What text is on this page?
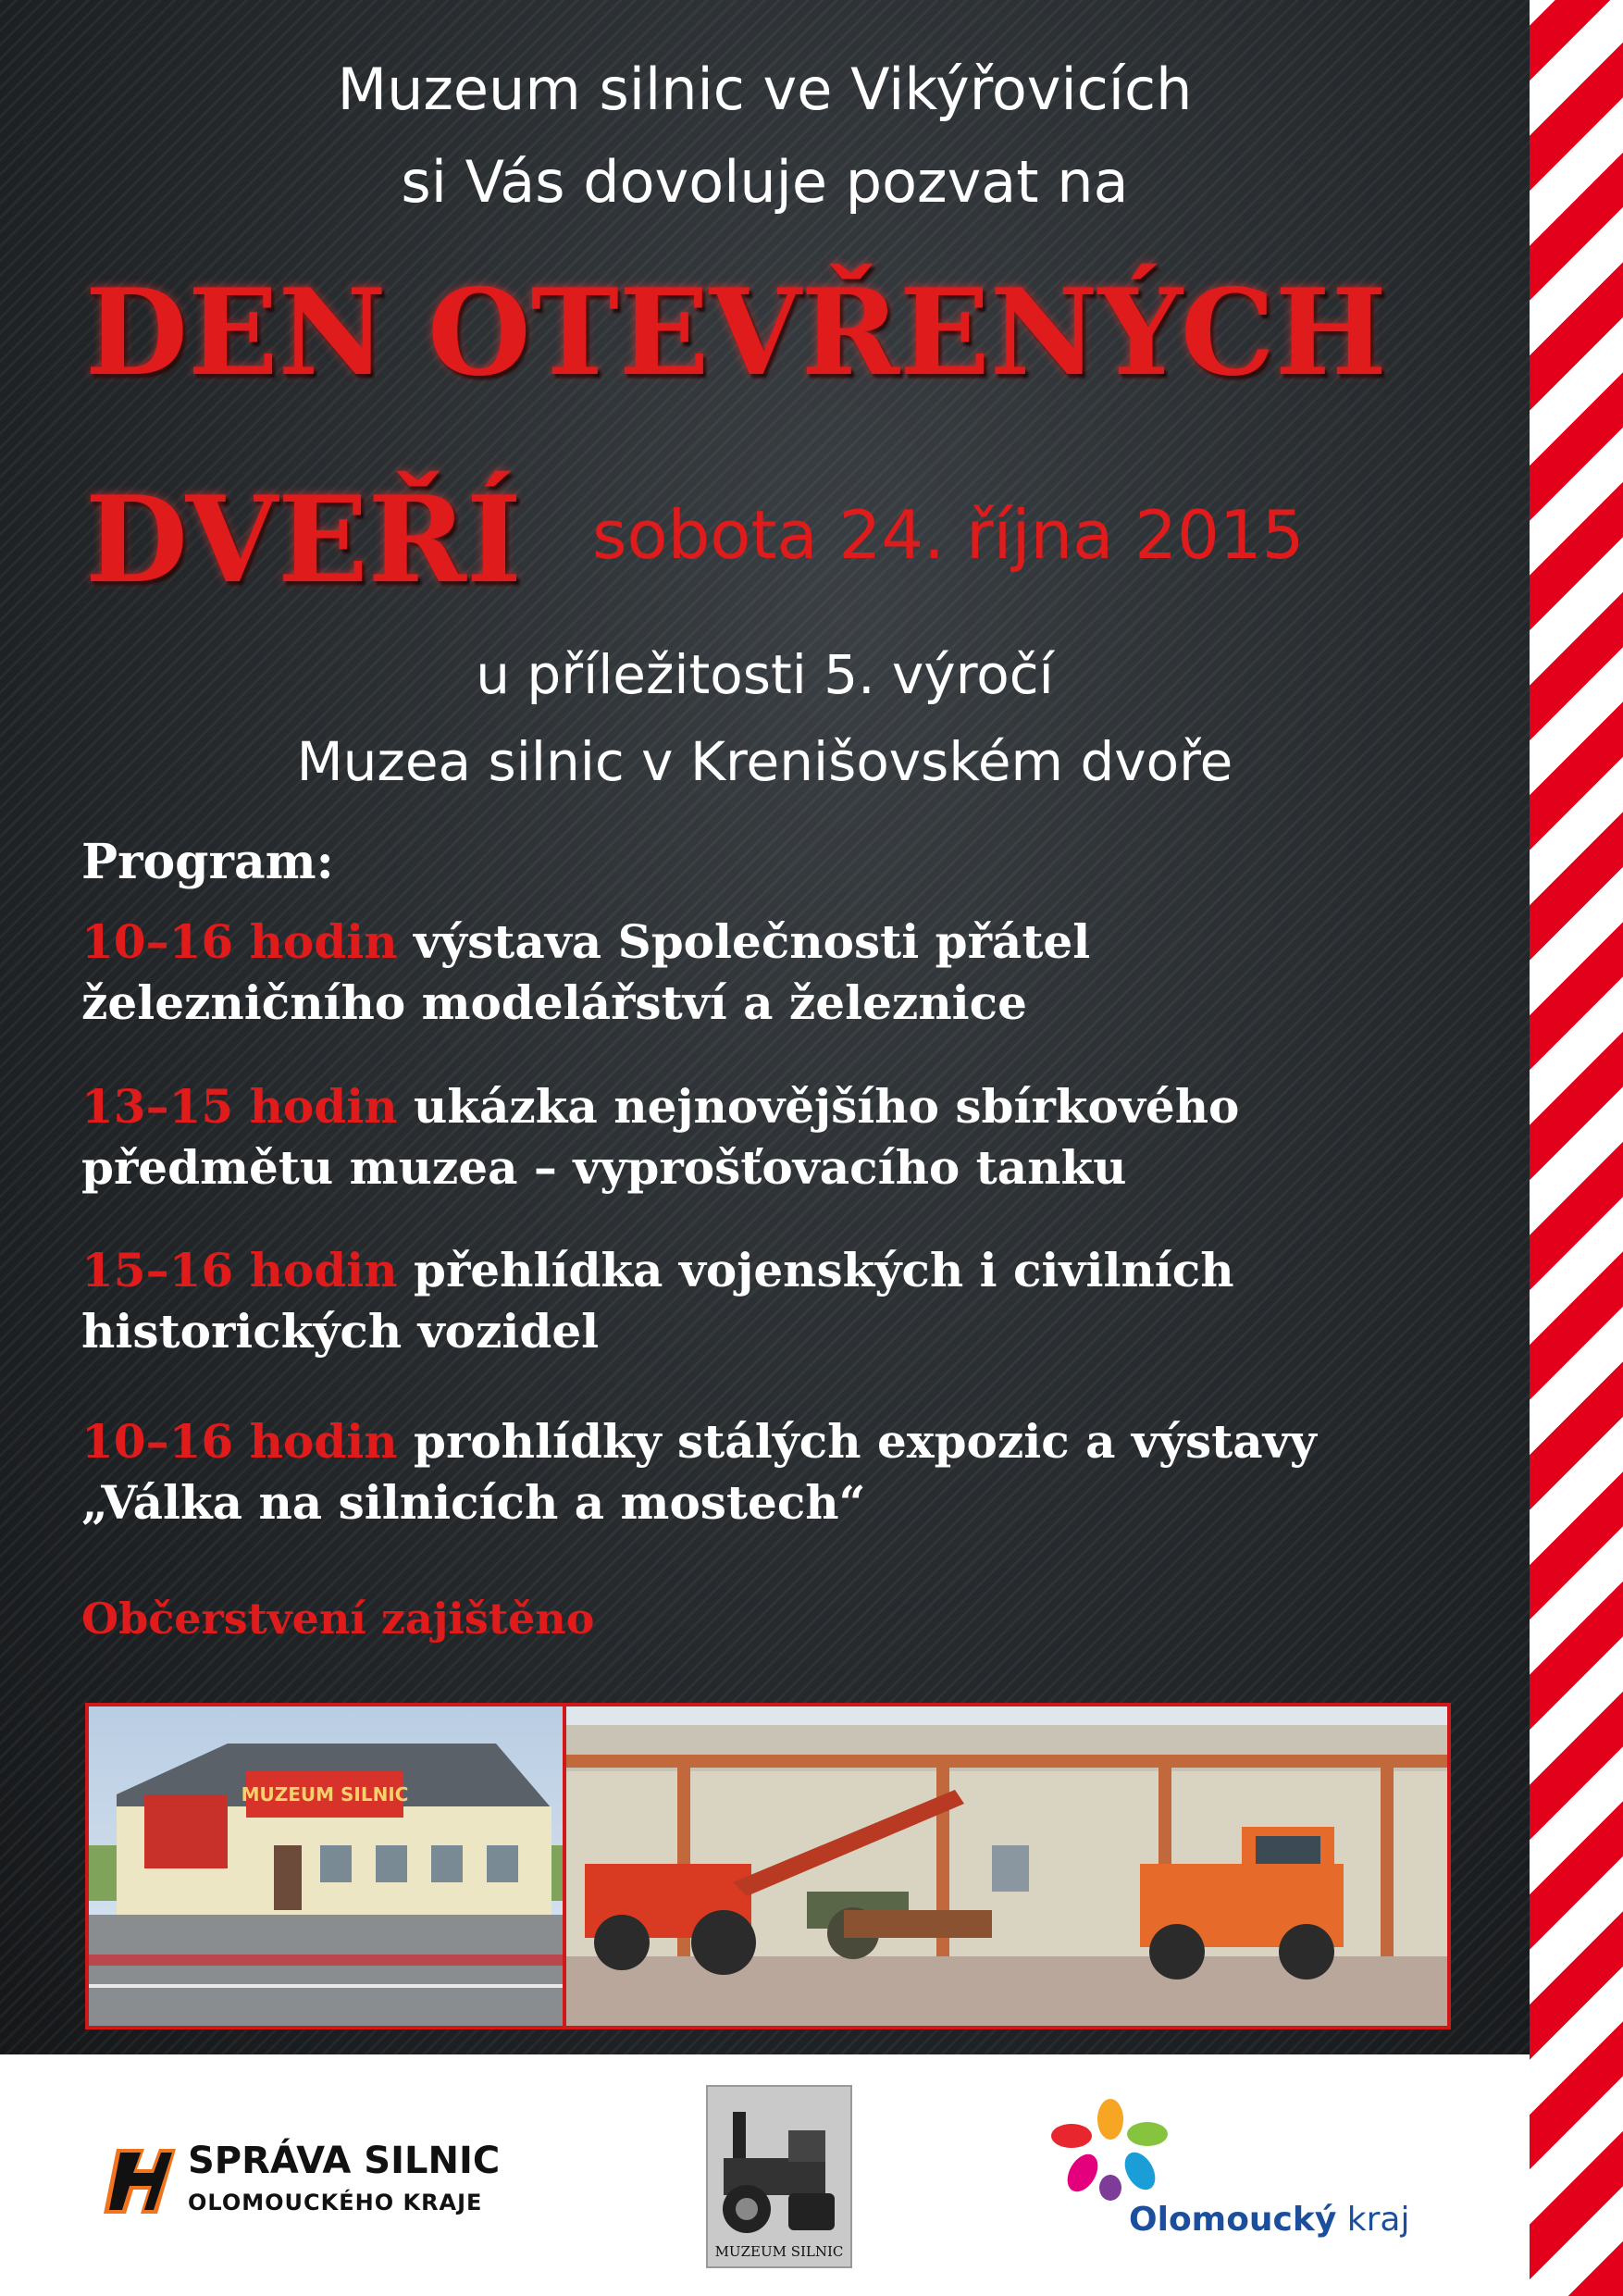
Muzeum silnic ve Vikýřovicích
si Vás dovoluje pozvat na
DEN OTEVŘENÝCH
DVEŘÍ sobota 24. října 2015
u příležitosti 5. výročí
Muzea silnic v Krenišovském dvoře
Program:
10–16 hodin výstava Společnosti přátel
železničního modelářství a železnice
13–15 hodin ukázka nejnovějšího sbírkového
předmětu muzea – vyprošťovacího tanku
15–16 hodin přehlídka vojenských i civilních
historických vozidel
10–16 hodin prohlídky stálých expozic a výstavy
„Válka na silnicích a mostech“
Občerstvení zajištěno
MUZEUM SILNIC
SPRÁVA SILNIC
OLOMOUCKÉHO KRAJE
MUZEUM SILNIC
Olomoucký kraj
